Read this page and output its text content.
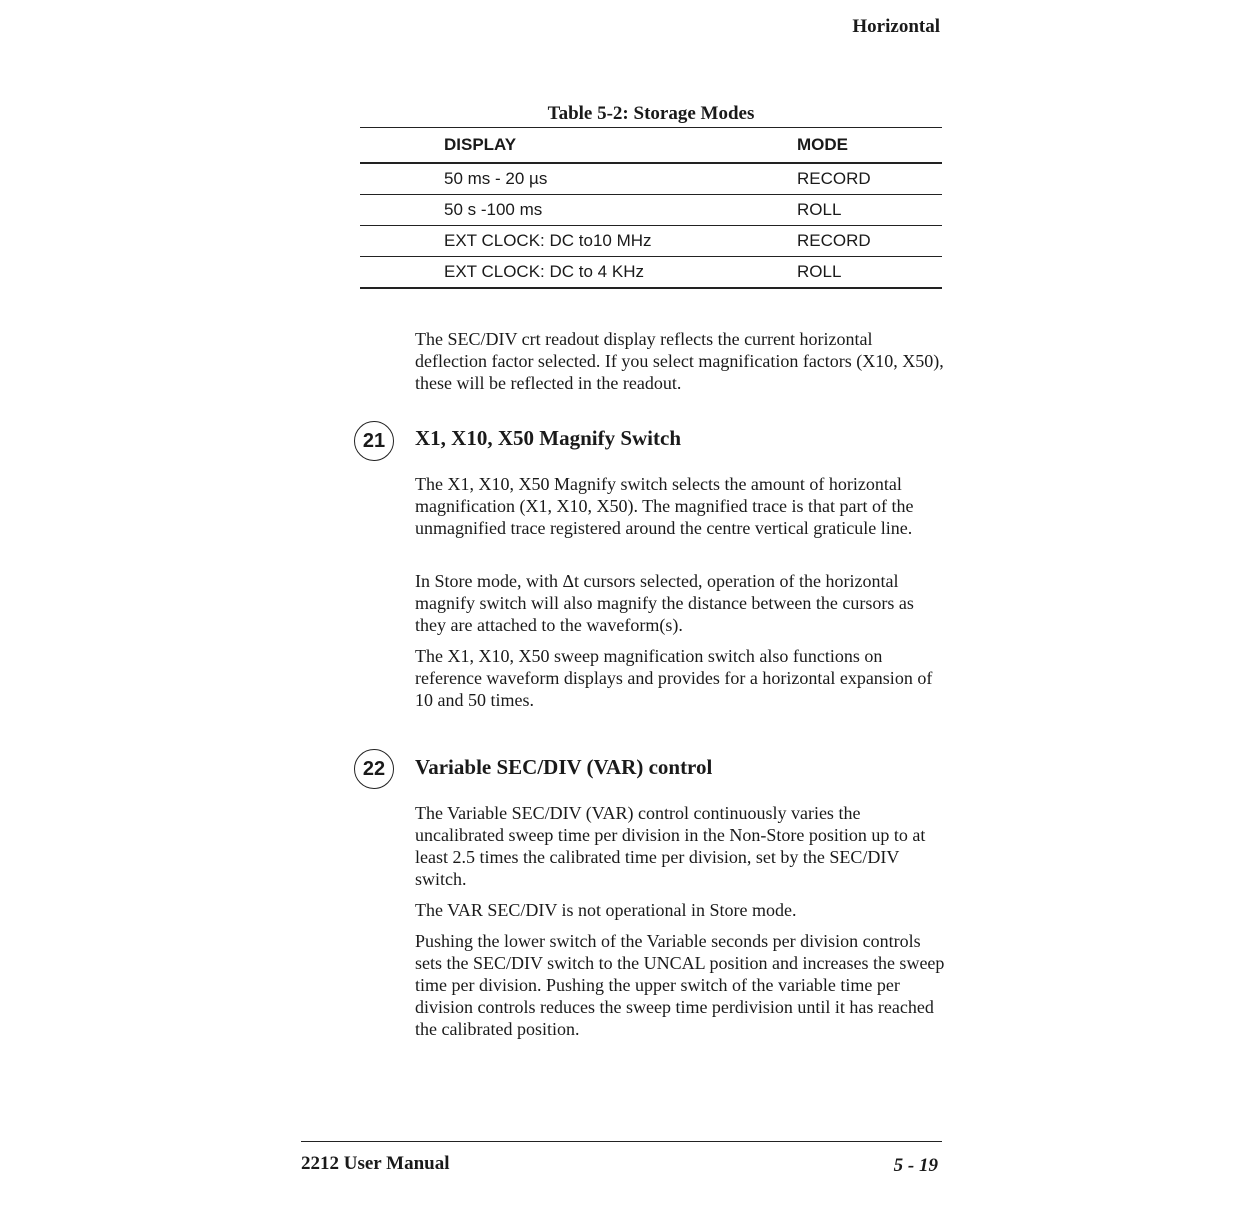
Horizontal
Table 5-2: Storage Modes
DISPLAY	MODE
50 ms - 20 µs	RECORD
50 s -100 ms	ROLL
EXT CLOCK: DC to10 MHz	RECORD
EXT CLOCK: DC to 4 KHz	ROLL

The SEC/DIV crt readout display reflects the current horizontal deflection factor selected. If you select magnification factors (X10, X50), these will be reflected in the readout.

21	X1, X10, X50 Magnify Switch

The X1, X10, X50 Magnify switch selects the amount of horizontal magnification (X1, X10, X50). The magnified trace is that part of the unmagnified trace registered around the centre vertical graticule line.

In Store mode, with Δt cursors selected, operation of the horizontal magnify switch will also magnify the distance between the cursors as they are attached to the waveform(s).

The X1, X10, X50 sweep magnification switch also functions on reference waveform displays and provides for a horizontal expansion of 10 and 50 times.

22	Variable SEC/DIV (VAR) control

The Variable SEC/DIV (VAR) control continuously varies the uncalibrated sweep time per division in the Non-Store position up to at least 2.5 times the calibrated time per division, set by the SEC/DIV switch.

The VAR SEC/DIV is not operational in Store mode.

Pushing the lower switch of the Variable seconds per division controls sets the SEC/DIV switch to the UNCAL position and increases the sweep time per division. Pushing the upper switch of the variable time per division controls reduces the sweep time perdivision until it has reached the calibrated position.

2212 User Manual	5 - 19
